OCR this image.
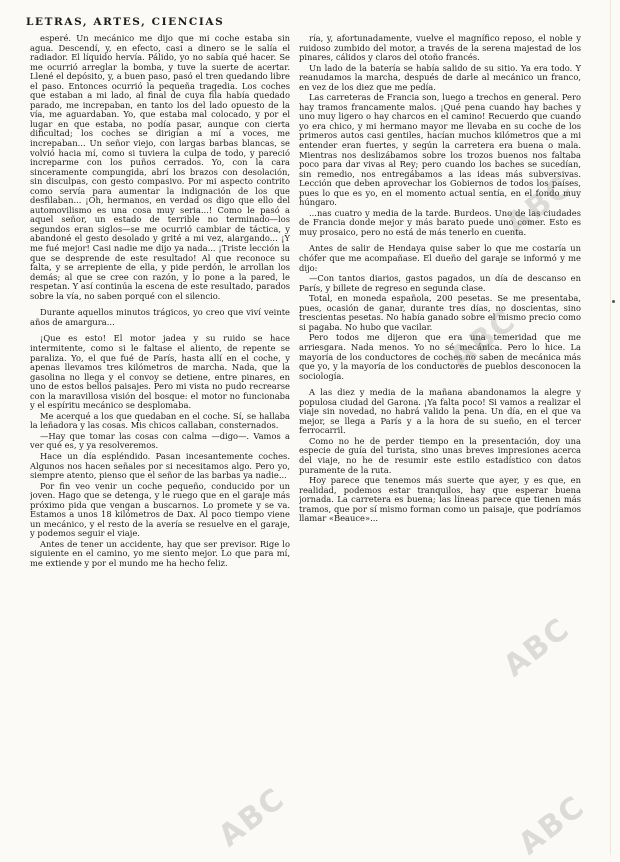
LETRAS, ARTES, CIENCIAS

esperé. Un mecánico me dijo que mi coche estaba sin agua. Descendí, y, en efecto, casi a dinero se le salía el radiador. El líquido hervía. Pálido, yo no sabía qué hacer. Se me ocurrió arreglar la bomba, y tuve la suerte de acertar. Llené el depósito, y, a buen paso, pasó el tren quedando libre el paso. Entonces ocurrió la pequeña tragedia. Los coches que estaban a mi lado, al final de cuya fila había quedado parado, me increpaban, en tanto los del lado opuesto de la vía, me aguardaban. Yo, que estaba mal colocado, y por el lugar en que estaba, no podía pasar, aunque con cierta dificultad; los coches se dirigían a mí a voces, me increpaban... Un señor viejo, con largas barbas blancas, se volvió hacia mí, como si tuviera la culpa de todo, y pareció increparme con los puños cerrados. Yo, con la cara sinceramente compungida, abrí los brazos con desolación, sin disculpas, con gesto compasivo. Por mi aspecto contrito como servía para aumentar la indignación de los que desfilaban... ¡Oh, hermanos, en verdad os digo que ello del automovilismo es una cosa muy seria...! Como le pasó a aquel señor, un estado de terrible no terminado—los segundos eran siglos—se me ocurrió cambiar de táctica, y abandoné el gesto desolado y grité a mi vez, alargando... ¡Y me fué mejor! Casi nadie me dijo ya nada... ¡Triste lección la que se desprende de este resultado! Al que reconoce su falta, y se arrepiente de ella, y pide perdón, le arrollan los demás; al que se cree con razón, y lo pone a la pared, le respetan. Y así continúa la escena de este resultado, parados sobre la vía, no saben porqué con el silencio.

Durante aquellos minutos trágicos, yo creo que viví veinte años de amargura...

¡Que es esto! El motor jadea y su ruido se hace intermitente, como si le faltase el aliento, de repente se paraliza. Yo, el que fué de París, hasta allí en el coche, y apenas llevamos tres kilómetros de marcha. Nada, que la gasolina no llega y el convoy se detiene, entre pinares, en uno de estos bellos paisajes. Pero mi vista no pudo recrearse con la maravillosa visión del bosque: el motor no funcionaba y el espíritu mecánico se desplomaba.

Me acerqué a los que quedaban en el coche. Sí, se hallaba la leñadora y las cosas. Mis chicos callaban, consternados.

—Hay que tomar las cosas con calma —digo—. Vamos a ver qué es, y ya resolveremos.

Hace un día espléndido. Pasan incesantemente coches. Algunos nos hacen señales por si necesitamos algo. Pero yo, siempre atento, pienso que el señor de las barbas ya nadie...

Por fin veo venir un coche pequeño, conducido por un joven. Hago que se detenga, y le ruego que en el garaje más próximo pida que vengan a buscarnos. Lo promete y se va. Estamos a unos 18 kilómetros de Dax. Al poco tiempo viene un mecánico, y el resto de la avería se resuelve en el garaje, y podemos seguir el viaje.

Antes de tener un accidente, hay que ser previsor. Rige lo siguiente en el camino, yo me siento mejor. Lo que para mí, me extiende y por el mundo me ha hecho feliz.

ría, y, afortunadamente, vuelve el magnífico reposo, el noble y ruidoso zumbido del motor, a través de la serena majestad de los pinares, cálidos y claros del otoño francés.

Un lado de la batería se había salido de su sitio. Ya era todo. Y reanudamos la marcha, después de darle al mecánico un franco, en vez de los diez que me pedía.

Las carreteras de Francia son, luego a trechos en general. Pero hay tramos francamente malos. ¡Qué pena cuando hay baches y uno muy ligero o hay charcos en el camino! Recuerdo que cuando yo era chico, y mi hermano mayor me llevaba en su coche de los primeros autos casi gentiles, hacían muchos kilómetros que a mi entender eran fuertes, y según la carretera era buena o mala. Mientras nos deslizábamos sobre los trozos buenos nos faltaba poco para dar vivas al Rey; pero cuando los baches se sucedían, sin remedio, nos entregábamos a las ideas más subversivas. Lección que deben aprovechar los Gobiernos de todos los países, pues lo que es yo, en el momento actual sentía, en el fondo muy húngaro.

...nas cuatro y media de la tarde. Burdeos. Uno de las ciudades de Francia donde mejor y más barato puede uno comer. Esto es muy prosaico, pero no está de más tenerlo en cuenta.

Antes de salir de Hendaya quise saber lo que me costaría un chófer que me acompañase. El dueño del garaje se informó y me dijo:

—Con tantos diarios, gastos pagados, un día de descanso en París, y billete de regreso en segunda clase.

Total, en moneda española, 200 pesetas. Se me presentaba, pues, ocasión de ganar, durante tres días, no doscientas, sino trescientas pesetas. No había ganado sobre el mismo precio como si pagaba. No hubo que vacilar.

Pero todos me dijeron que era una temeridad que me arriesgara. Nada menos. Yo no sé mecánica. Pero lo hice. La mayoría de los conductores de coches no saben de mecánica más que yo, y la mayoría de los conductores de pueblos desconocen la sociología.

A las diez y media de la mañana abandonamos la alegre y populosa ciudad del Garona. ¡Ya falta poco! Si vamos a realizar el viaje sin novedad, no habrá valido la pena. Un día, en el que va mejor, se llega a París y a la hora de su sueño, en el tercer ferrocarril.

Como no he de perder tiempo en la presentación, doy una especie de guía del turista, sino unas breves impresiones acerca del viaje, no he de resumir este estilo estadístico con datos puramente de la ruta.

Hoy parece que tenemos más suerte que ayer, y es que, en realidad, podemos estar tranquilos, hay que esperar buena jornada. La carretera es buena; las líneas parece que tienen más tramos, que por sí mismo forman como un paisaje, que podríamos llamar «Beauce»...

ABC
ABC
ABC
ABC	ABC
